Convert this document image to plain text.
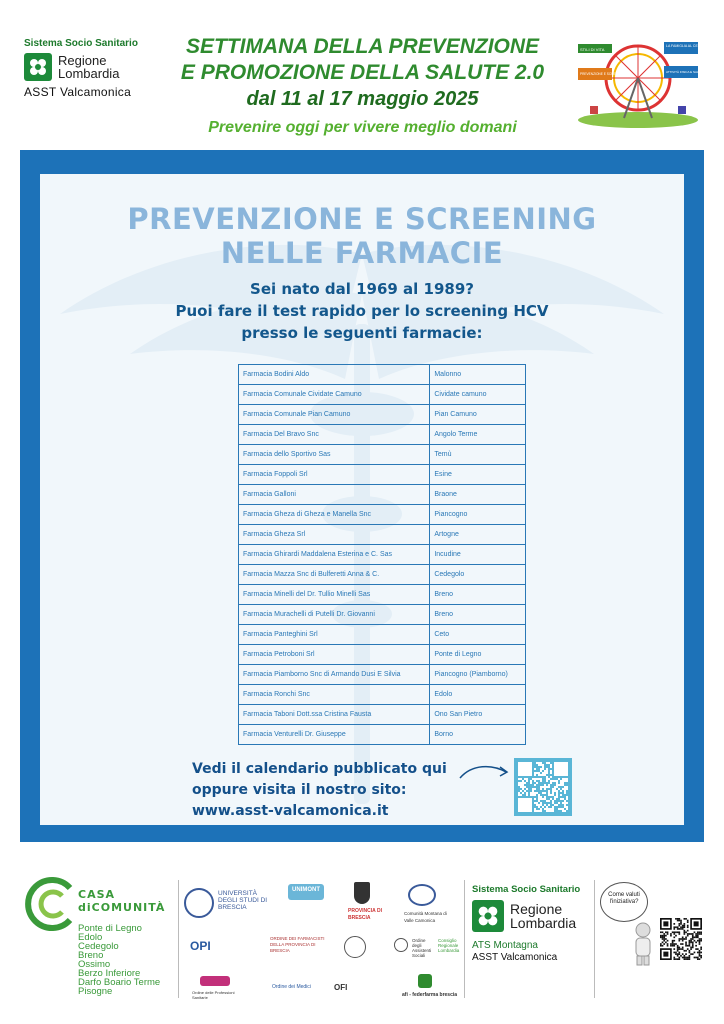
Sistema Socio Sanitario
Regione
Lombardia
ASST Valcamonica
SETTIMANA DELLA PREVENZIONE
E PROMOZIONE DELLA SALUTE 2.0
dal 11 al 17 maggio 2025
Prevenire oggi per vivere meglio domani
STILI DI VITA
LA FAMIGLIA AL CENTRO
PREVENZIONE E SCREENING	ATTIVITÀ FISICA E SALUTE
PREVENZIONE E SCREENING
NELLE FARMACIE
Sei nato dal 1969 al 1989?
Puoi fare il test rapido per lo screening HCV
presso le seguenti farmacie:
Farmacia Bodini Aldo	Malonno
Farmacia Comunale Cividate Camuno	Cividate camuno
Farmacia Comunale Pian Camuno	Pian Camuno
Farmacia Del Bravo Snc	Angolo Terme
Farmacia dello Sportivo Sas	Temù
Farmacia Foppoli Srl	Esine
Farmacia Galloni	Braone
Farmacia Gheza di Gheza e Manella Snc	Piancogno
Farmacia Gheza Srl	Artogne
Farmacia Ghirardi Maddalena Esterina e C. Sas	Incudine
Farmacia Mazza Snc di Bulferetti Anna & C.	Cedegolo
Farmacia Minelli del Dr. Tullio Minelli Sas	Breno
Farmacia Murachelli di Putelli Dr. Giovanni	Breno
Farmacia Panteghini Srl	Ceto
Farmacia Petroboni Srl	Ponte di Legno
Farmacia Piamborno Snc di Armando Dusi E Silvia	Piancogno (Piamborno)
Farmacia Ronchi Snc	Edolo
Farmacia Taboni Dott.ssa Cristina Fausta	Ono San Pietro
Farmacia Venturelli Dr. Giuseppe	Borno
Vedi il calendario pubblicato qui
oppure visita il nostro sito:
www.asst-valcamonica.it
CASA
diCOMUNITÀ
Ponte di Legno
Edolo
Cedegolo
Breno
Ossimo
Berzo Inferiore
Darfo Boario Terme
Pisogne
UNIVERSITÀ DEGLI STUDI DI BRESCIA
UNIMONT
PROVINCIA DI BRESCIA
Comunità Montana di Valle Camonica
OPI
ORDINE DEI FARMACISTI DELLA PROVINCIA DI BRESCIA
Ordine degli Assistenti Sociali
Consiglio Regionale Lombardia
Ordine delle Professioni Sanitarie
Ordine dei Medici	OFI
afi - federfarma brescia
Sistema Socio Sanitario
Regione
Lombardia
ATS Montagna
ASST Valcamonica
Come valuti l'iniziativa?
